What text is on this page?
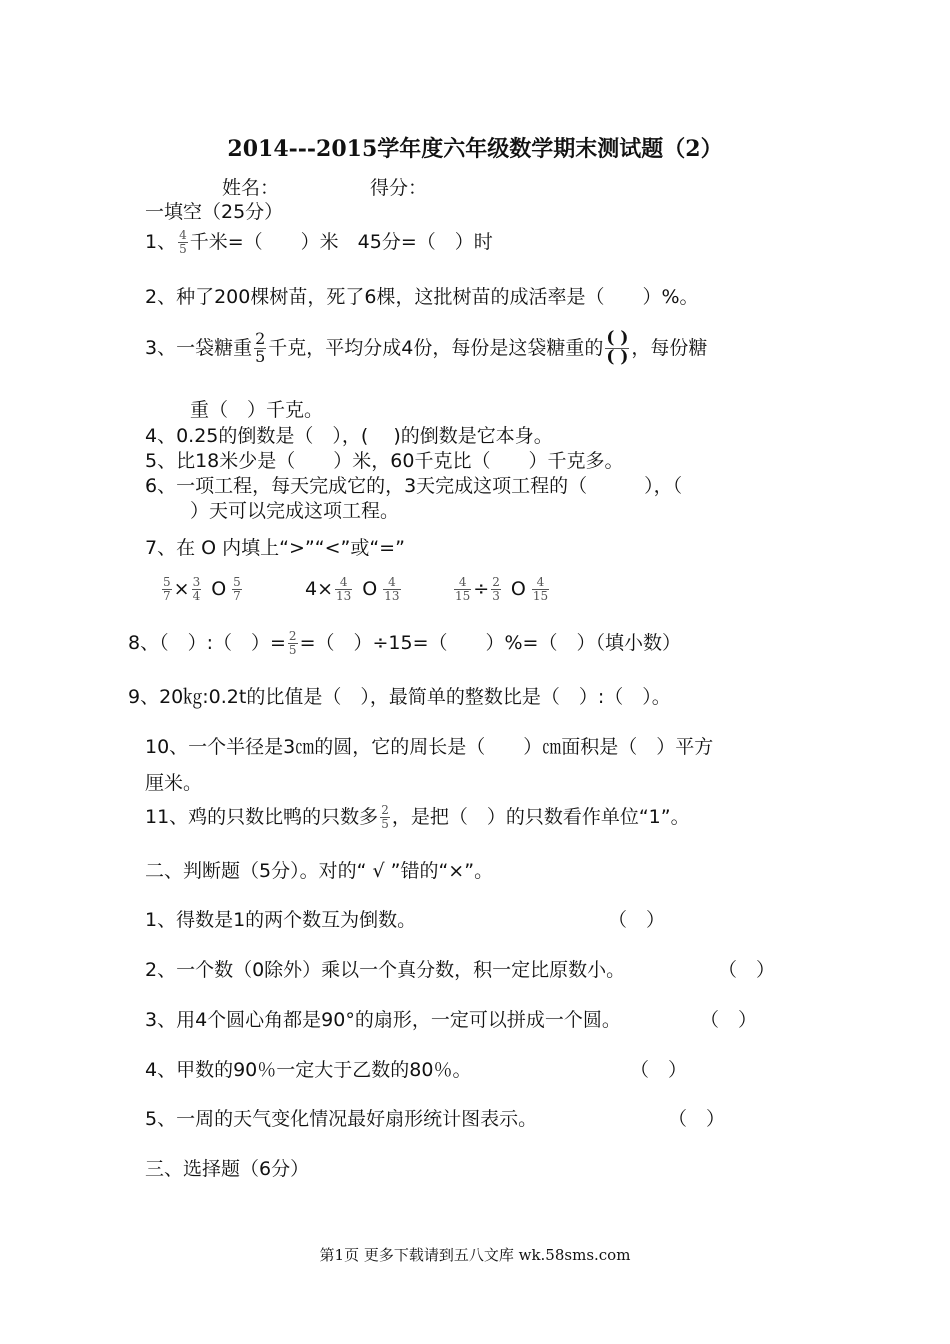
2014---2015学年度六年级数学期末测试题（2）
姓名：	得分：
一填空（25分）
1、 $\frac{4}{5}$ 千米=（　　）米　45分=（　）时
2、种了200棵树苗，死了6棵，这批树苗的成活率是（　　）%。
3、一袋糖重 $\frac{2}{5}$ 千克，平均分成4份，每份是这袋糖重的 $\frac{( )}{( )}$ ，每份糖
重（　）千克。
4、0.25的倒数是（　），(　 )的倒数是它本身。
5、比18米少是（　　）米，60千克比（　　）千克多。
6、一项工程，每天完成它的，3天完成这项工程的（　　　），（
）天可以完成这项工程。
7、在 O 内填上“>”“<”或“=”
$\frac{5}{7} \times \frac{3}{4}$ O $\frac{5}{7}$	$4\times \frac{4}{13}$ O $\frac{4}{13}$	$\frac{4}{15} \div \frac{2}{3}$ O $\frac{4}{15}$
8、（　）:（　）= $\frac{2}{5}$ =（　）÷15=（　　）%=（　）（填小数）
9、20㎏:0.2t的比值是（　），最简单的整数比是（　）:（　）。
10、一个半径是3㎝的圆，它的周长是（　　）㎝面积是（　）平方
厘米。
11、鸡的只数比鸭的只数多 $\frac{2}{5}$ ，是把（　）的只数看作单位“1”。
二、判断题（5分）。对的“ √ ”错的“×”。
1、得数是1的两个数互为倒数。	（　）
2、一个数（0除外）乘以一个真分数，积一定比原数小。	（　）
3、用4个圆心角都是90°的扇形，一定可以拼成一个圆。	（　）
4、甲数的90％一定大于乙数的80％。	（　）
5、一周的天气变化情况最好扇形统计图表示。	（　）
三、选择题（6分）
第1页 更多下载请到五八文库 wk.58sms.com
